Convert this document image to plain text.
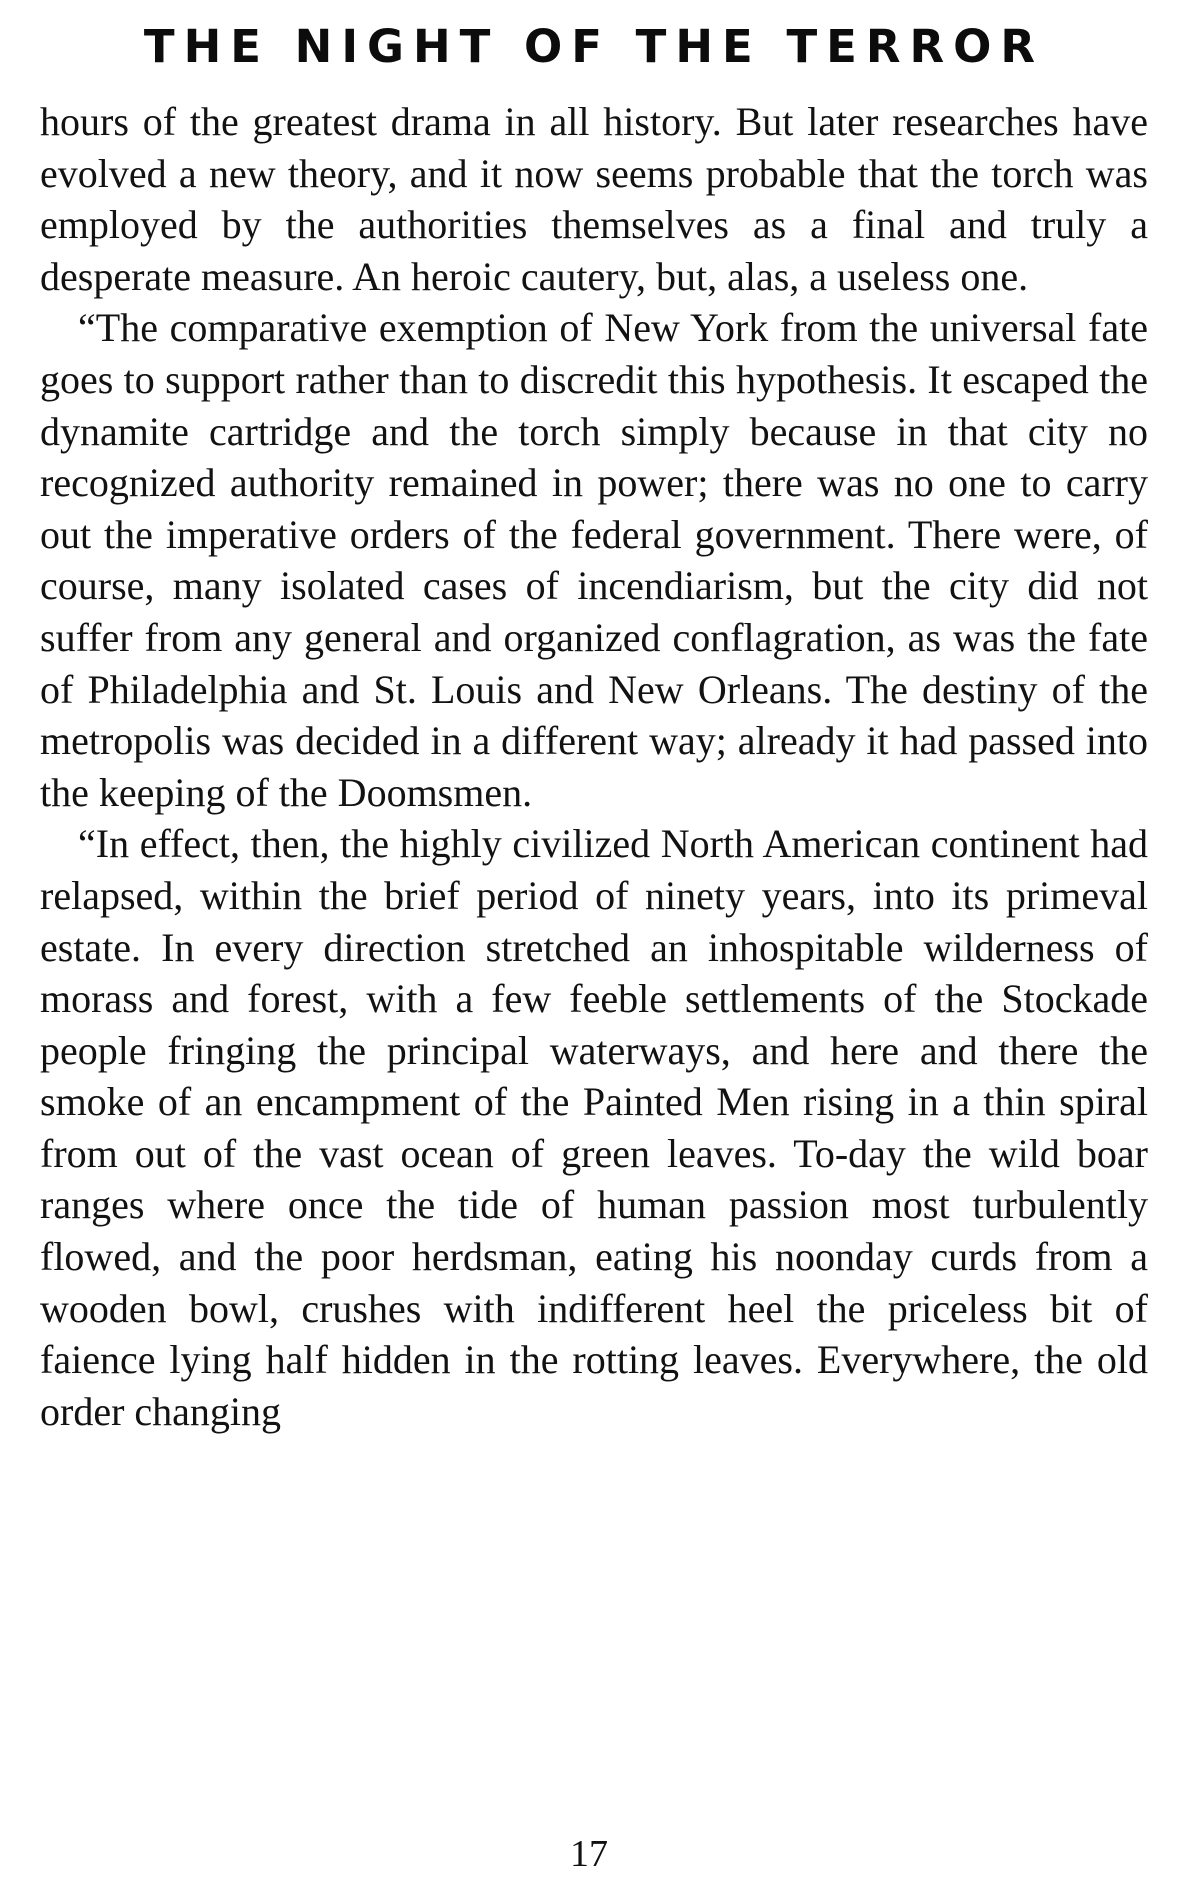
THE NIGHT OF THE TERROR

hours of the greatest drama in all history. But later researches have evolved a new theory, and it now seems probable that the torch was employed by the authorities themselves as a final and truly a desperate measure. An heroic cautery, but, alas, a useless one.

“The comparative exemption of New York from the universal fate goes to support rather than to discredit this hypothesis. It escaped the dynamite cartridge and the torch simply because in that city no recognized authority remained in power; there was no one to carry out the imperative orders of the federal government. There were, of course, many isolated cases of incendiarism, but the city did not suffer from any general and organized conflagration, as was the fate of Philadelphia and St. Louis and New Orleans. The destiny of the metropolis was decided in a different way; already it had passed into the keeping of the Doomsmen.

“In effect, then, the highly civilized North American continent had relapsed, within the brief period of ninety years, into its primeval estate. In every direction stretched an inhospitable wilderness of morass and forest, with a few feeble settlements of the Stockade people fringing the principal waterways, and here and there the smoke of an encampment of the Painted Men rising in a thin spiral from out of the vast ocean of green leaves. To-day the wild boar ranges where once the tide of human passion most turbulently flowed, and the poor herdsman, eating his noonday curds from a wooden bowl, crushes with indifferent heel the priceless bit of faience lying half hidden in the rotting leaves. Everywhere, the old order changing

17
